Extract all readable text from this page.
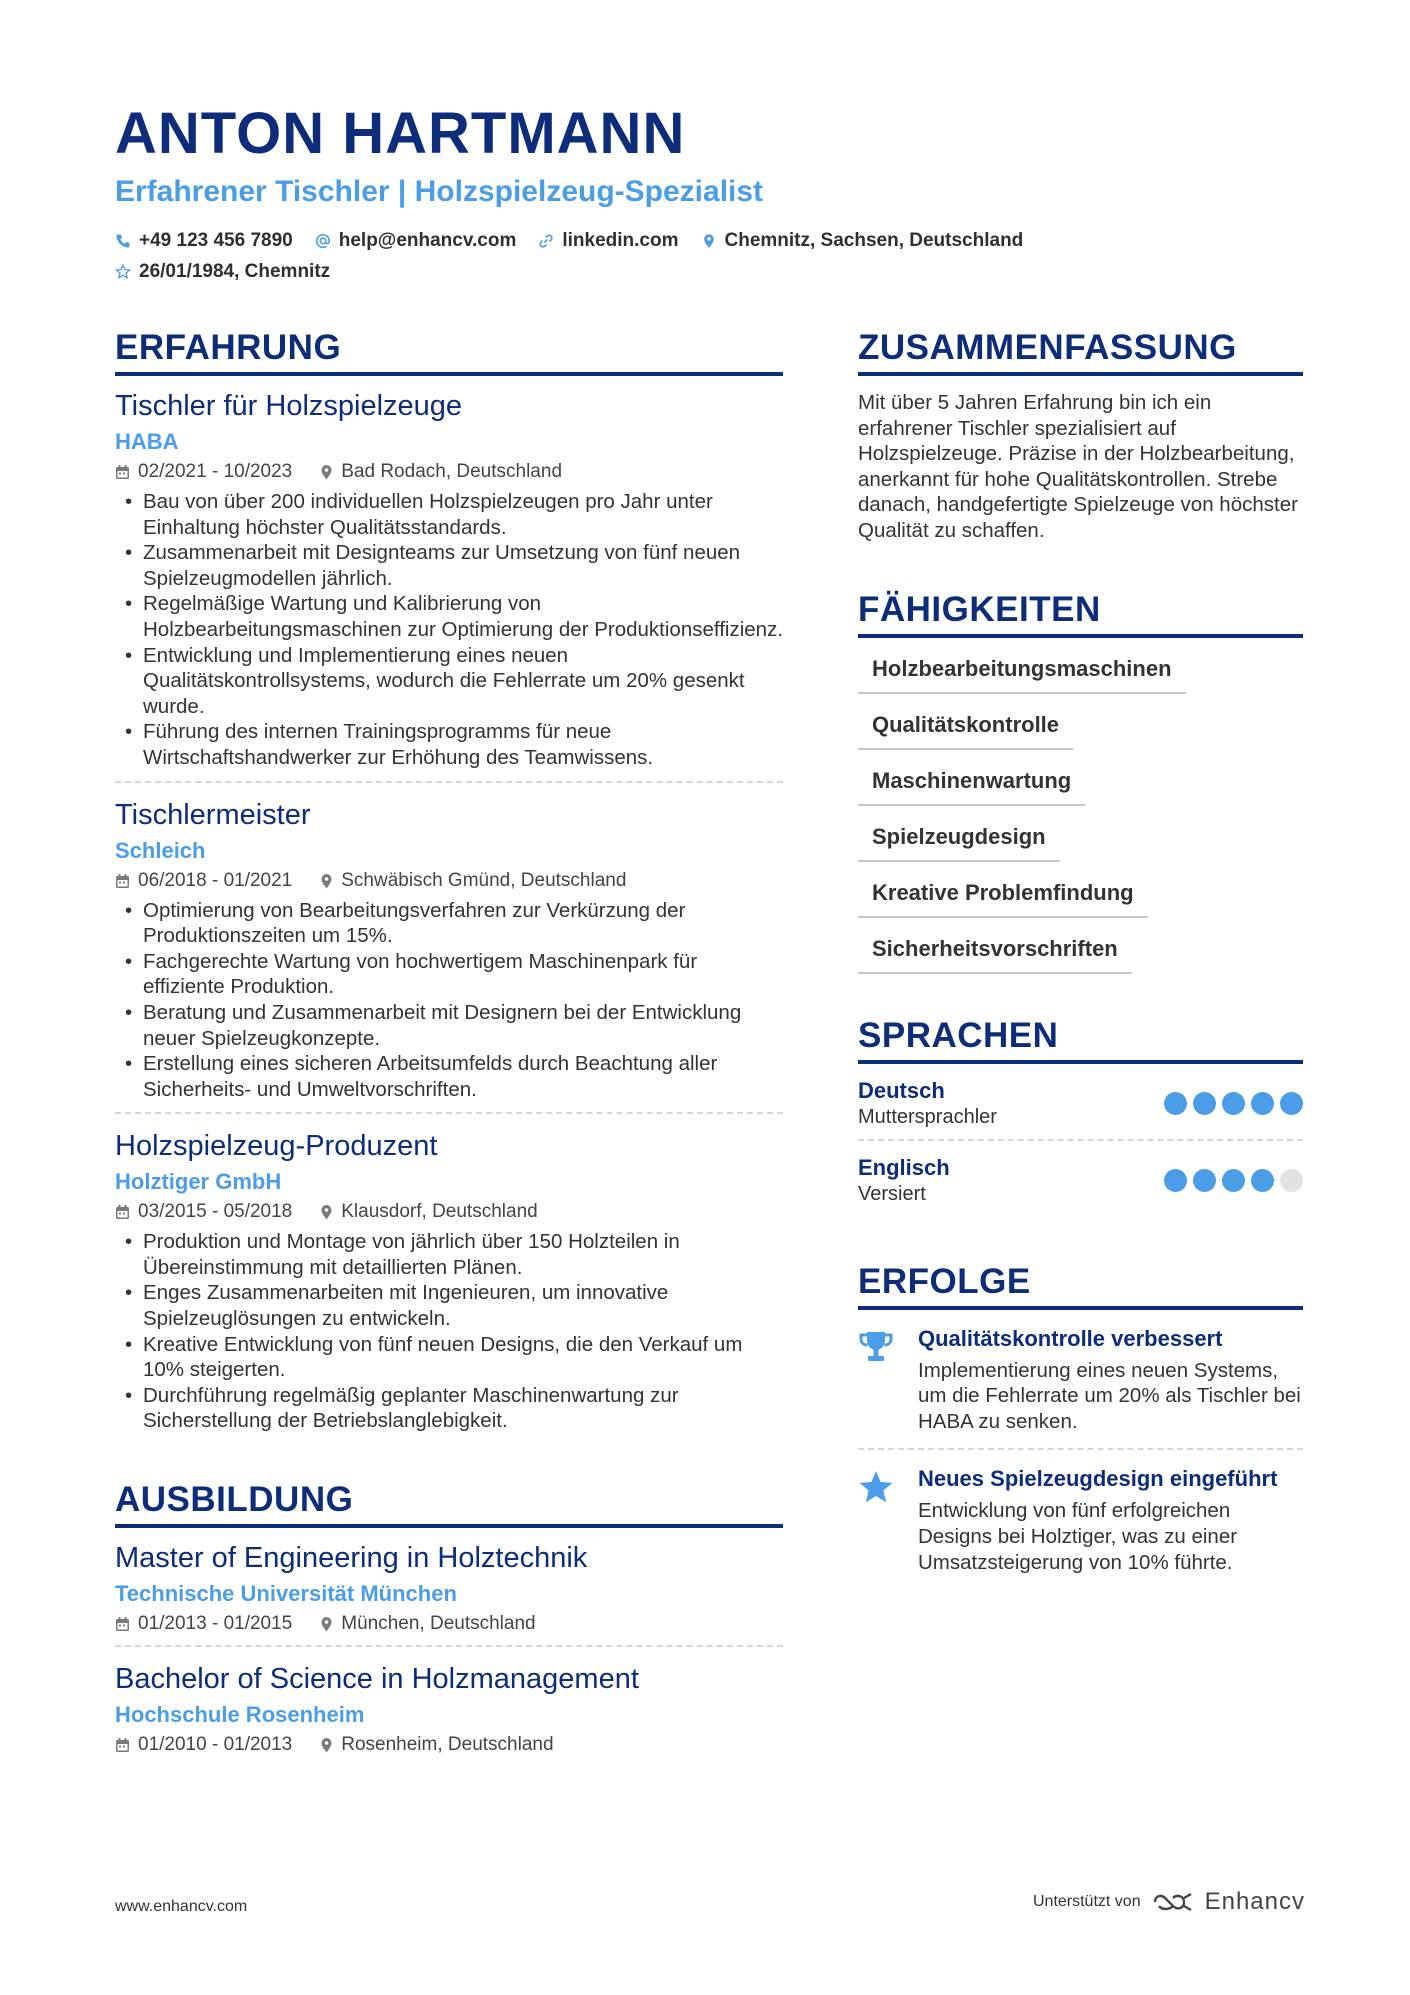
ANTON HARTMANN
Erfahrener Tischler | Holzspielzeug-Spezialist
+49 123 456 7890 help@enhancv.com linkedin.com Chemnitz, Sachsen, Deutschland
26/01/1984, Chemnitz
ERFAHRUNG
Tischler für Holzspielzeuge
HABA
02/2021 - 10/2023	Bad Rodach, Deutschland
• Bau von über 200 individuellen Holzspielzeugen pro Jahr unter Einhaltung höchster Qualitätsstandards.
• Zusammenarbeit mit Designteams zur Umsetzung von fünf neuen Spielzeugmodellen jährlich.
• Regelmäßige Wartung und Kalibrierung von Holzbearbeitungsmaschinen zur Optimierung der Produktionseffizienz.
• Entwicklung und Implementierung eines neuen Qualitätskontrollsystems, wodurch die Fehlerrate um 20% gesenkt wurde.
• Führung des internen Trainingsprogramms für neue Wirtschaftshandwerker zur Erhöhung des Teamwissens.
Tischlermeister
Schleich
06/2018 - 01/2021	Schwäbisch Gmünd, Deutschland
• Optimierung von Bearbeitungsverfahren zur Verkürzung der Produktionszeiten um 15%.
• Fachgerechte Wartung von hochwertigem Maschinenpark für effiziente Produktion.
• Beratung und Zusammenarbeit mit Designern bei der Entwicklung neuer Spielzeugkonzepte.
• Erstellung eines sicheren Arbeitsumfelds durch Beachtung aller Sicherheits- und Umweltvorschriften.
Holzspielzeug-Produzent
Holztiger GmbH
03/2015 - 05/2018	Klausdorf, Deutschland
• Produktion und Montage von jährlich über 150 Holzteilen in Übereinstimmung mit detaillierten Plänen.
• Enges Zusammenarbeiten mit Ingenieuren, um innovative Spielzeuglösungen zu entwickeln.
• Kreative Entwicklung von fünf neuen Designs, die den Verkauf um 10% steigerten.
• Durchführung regelmäßig geplanter Maschinenwartung zur Sicherstellung der Betriebslanglebigkeit.
AUSBILDUNG
Master of Engineering in Holztechnik
Technische Universität München
01/2013 - 01/2015	München, Deutschland
Bachelor of Science in Holzmanagement
Hochschule Rosenheim
01/2010 - 01/2013	Rosenheim, Deutschland
ZUSAMMENFASSUNG
Mit über 5 Jahren Erfahrung bin ich ein erfahrener Tischler spezialisiert auf Holzspielzeuge. Präzise in der Holzbearbeitung, anerkannt für hohe Qualitätskontrollen. Strebe danach, handgefertigte Spielzeuge von höchster Qualität zu schaffen.
FÄHIGKEITEN
Holzbearbeitungsmaschinen
Qualitätskontrolle
Maschinenwartung
Spielzeugdesign
Kreative Problemfindung
Sicherheitsvorschriften
SPRACHEN
Deutsch
Muttersprachler
Englisch
Versiert
ERFOLGE
Qualitätskontrolle verbessert
Implementierung eines neuen Systems, um die Fehlerrate um 20% als Tischler bei HABA zu senken.
Neues Spielzeugdesign eingeführt
Entwicklung von fünf erfolgreichen Designs bei Holztiger, was zu einer Umsatzsteigerung von 10% führte.
www.enhancv.com	Unterstützt von	Enhancv
